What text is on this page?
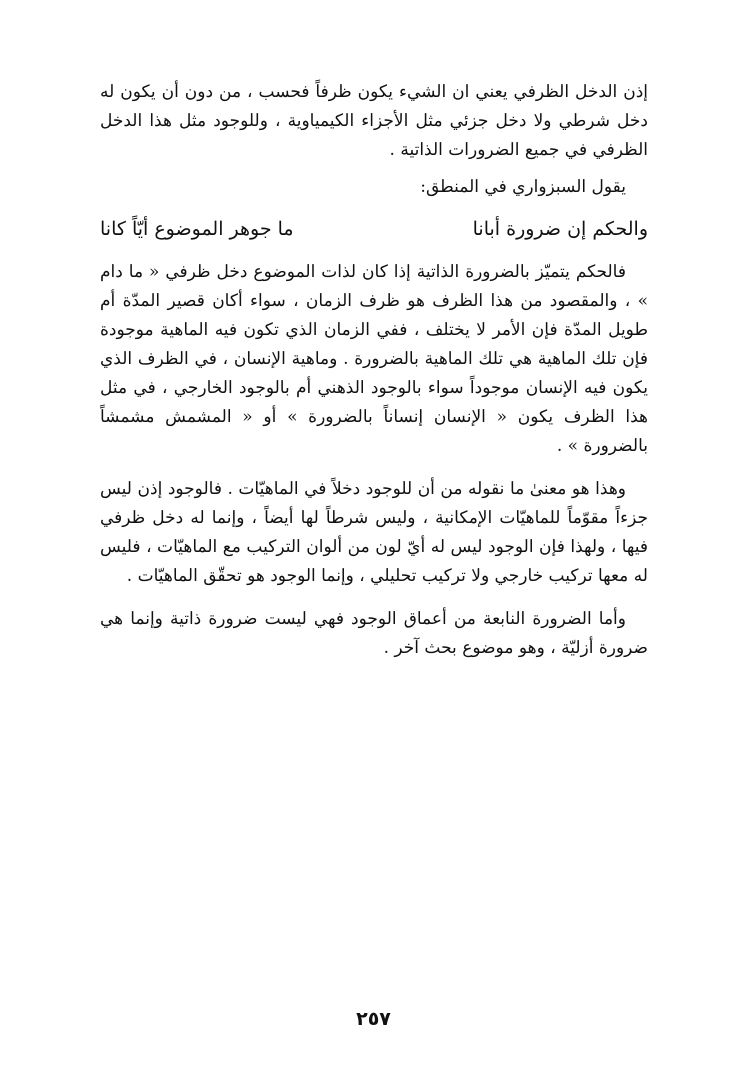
إذن الدخل الظرفي يعني ان الشيء يكون ظرفاً فحسب ، من دون أن يكون له دخل شرطي ولا دخل جزئي مثل الأجزاء الكيمياوية ، وللوجود مثل هذا الدخل الظرفي في جميع الضرورات الذاتية .

يقول السبزواري في المنطق:

والحكم إن ضرورة أبانا
ما جوهر الموضوع أيّاً كانا

فالحكم يتميّز بالضرورة الذاتية إذا كان لذات الموضوع دخل ظرفي « ما دام » ، والمقصود من هذا الظرف هو ظرف الزمان ، سواء أكان قصير المدّة أم طويل المدّة فإن الأمر لا يختلف ، ففي الزمان الذي تكون فيه الماهية موجودة فإن تلك الماهية هي تلك الماهية بالضرورة . وماهية الإنسان ، في الظرف الذي يكون فيه الإنسان موجوداً سواء بالوجود الذهني أم بالوجود الخارجي ، في مثل هذا الظرف يكون « الإنسان إنساناً بالضرورة » أو « المشمش مشمشاً بالضرورة » .

وهذا هو معنىٰ ما نقوله من أن للوجود دخلاً في الماهيّات . فالوجود إذن ليس جزءاً مقوّماً للماهيّات الإمكانية ، وليس شرطاً لها أيضاً ، وإنما له دخل ظرفي فيها ، ولهذا فإن الوجود ليس له أيّ لون من ألوان التركيب مع الماهيّات ، فليس له معها تركيب خارجي ولا تركيب تحليلي ، وإنما الوجود هو تحقّق الماهيّات .

وأما الضرورة النابعة من أعماق الوجود فهي ليست ضرورة ذاتية وإنما هي ضرورة أزليّة ، وهو موضوع بحث آخر .

٢٥٧
